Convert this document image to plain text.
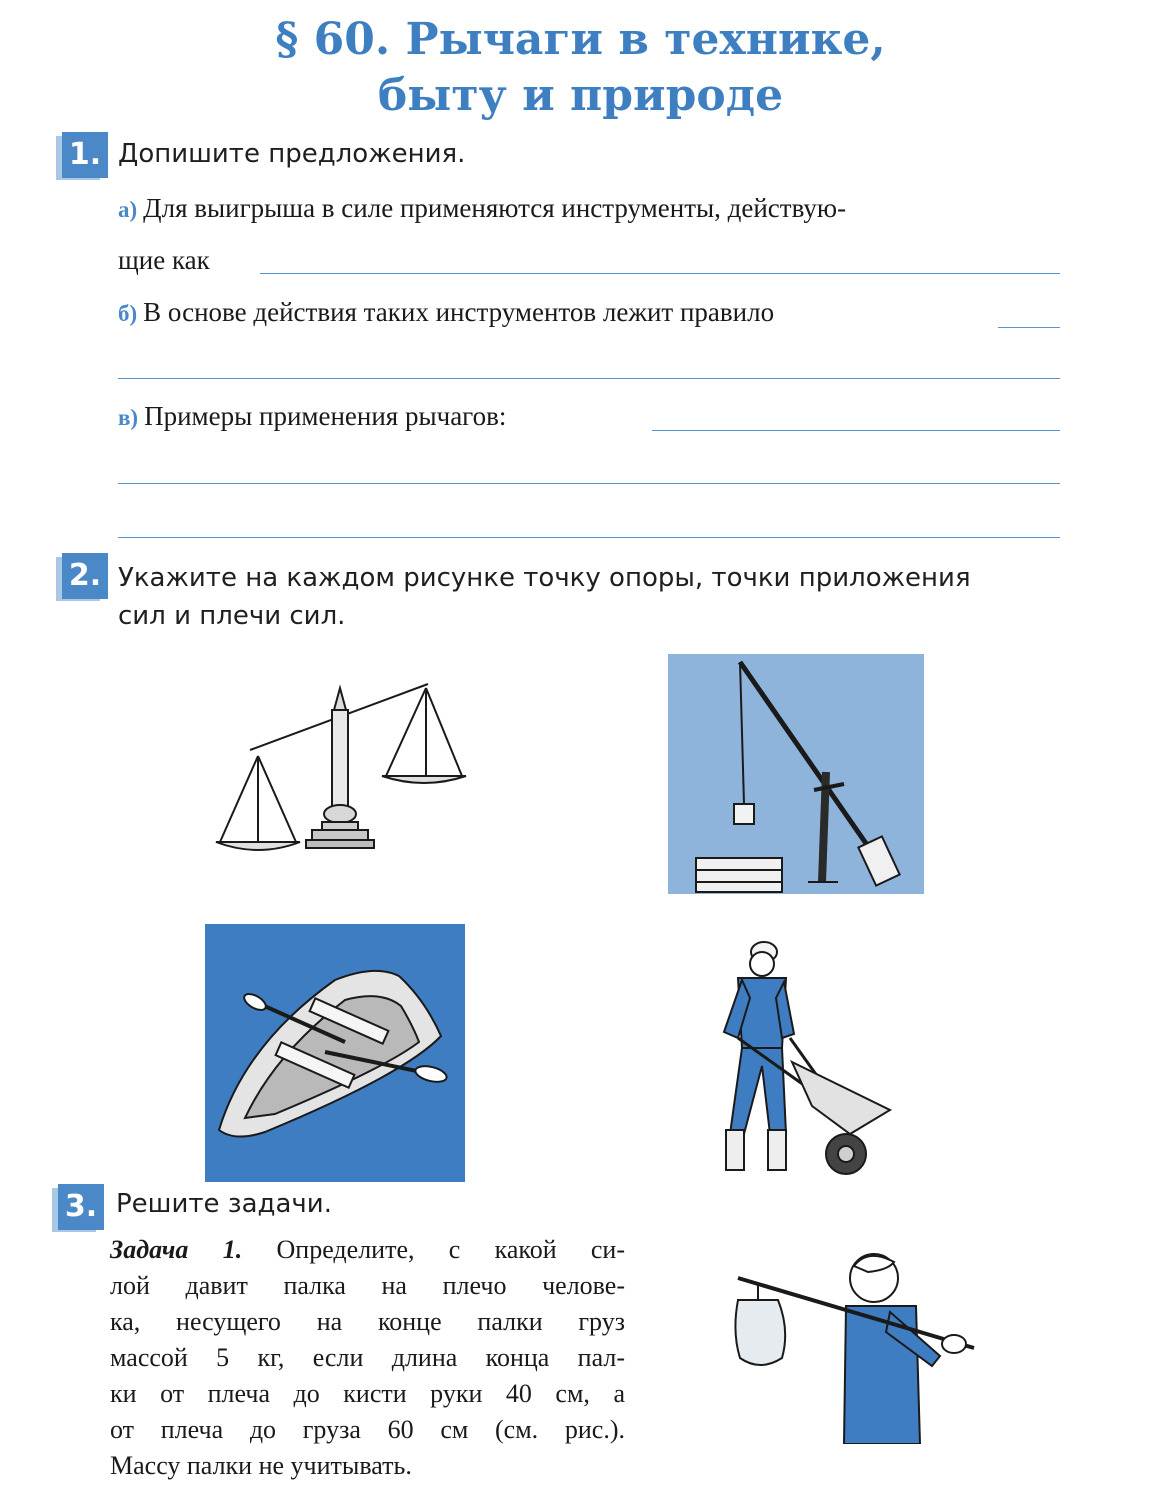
§ 60. Рычаги в технике,
быту и природе
1. Допишите предложения.
а) Для выигрыша в силе применяются инструменты, действую-
щие как
б) В основе действия таких инструментов лежит правило
в) Примеры применения рычагов:
2. Укажите на каждом рисунке точку опоры, точки приложения
сил и плечи сил.
3. Решите задачи.
Задача 1. Определите, с какой си-
лой давит палка на плечо челове-
ка, несущего на конце палки груз
массой 5 кг, если длина конца пал-
ки от плеча до кисти руки 40 см, а
от плеча до груза 60 см (см. рис.).
Массу палки не учитывать.
